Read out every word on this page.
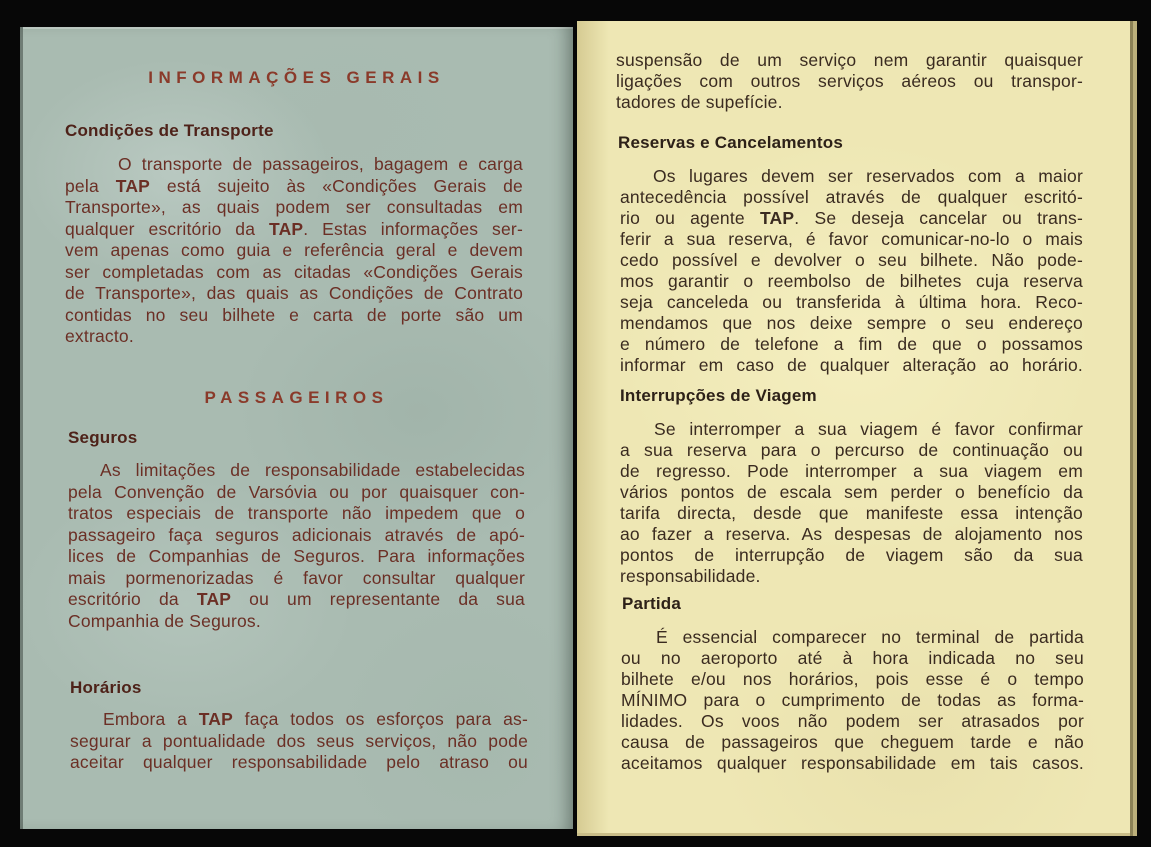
INFORMAÇÕES GERAIS
Condições de Transporte
O transporte de passageiros, bagagem e carga
pela TAP está sujeito às «Condições Gerais de
Transporte», as quais podem ser consultadas em
qualquer escritório da TAP. Estas informações ser-
vem apenas como guia e referência geral e devem
ser completadas com as citadas «Condições Gerais
de Transporte», das quais as Condições de Contrato
contidas no seu bilhete e carta de porte são um
extracto.
PASSAGEIROS
Seguros
As limitações de responsabilidade estabelecidas
pela Convenção de Varsóvia ou por quaisquer con-
tratos especiais de transporte não impedem que o
passageiro faça seguros adicionais através de apó-
lices de Companhias de Seguros. Para informações
mais pormenorizadas é favor consultar qualquer
escritório da TAP ou um representante da sua
Companhia de Seguros.
Horários
Embora a TAP faça todos os esforços para as-
segurar a pontualidade dos seus serviços, não pode
aceitar qualquer responsabilidade pelo atraso ou
suspensão de um serviço nem garantir quaisquer
ligações com outros serviços aéreos ou transpor-
tadores de supefície.
Reservas e Cancelamentos
Os lugares devem ser reservados com a maior
antecedência possível através de qualquer escritó-
rio ou agente TAP. Se deseja cancelar ou trans-
ferir a sua reserva, é favor comunicar-no-lo o mais
cedo possível e devolver o seu bilhete. Não pode-
mos garantir o reembolso de bilhetes cuja reserva
seja canceleda ou transferida à última hora. Reco-
mendamos que nos deixe sempre o seu endereço
e número de telefone a fim de que o possamos
informar em caso de qualquer alteração ao horário.
Interrupções de Viagem
Se interromper a sua viagem é favor confirmar
a sua reserva para o percurso de continuação ou
de regresso. Pode interromper a sua viagem em
vários pontos de escala sem perder o benefício da
tarifa directa, desde que manifeste essa intenção
ao fazer a reserva. As despesas de alojamento nos
pontos de interrupção de viagem são da sua
responsabilidade.
Partida
É essencial comparecer no terminal de partida
ou no aeroporto até à hora indicada no seu
bilhete e/ou nos horários, pois esse é o tempo
MÍNIMO para o cumprimento de todas as forma-
lidades. Os voos não podem ser atrasados por
causa de passageiros que cheguem tarde e não
aceitamos qualquer responsabilidade em tais casos.
